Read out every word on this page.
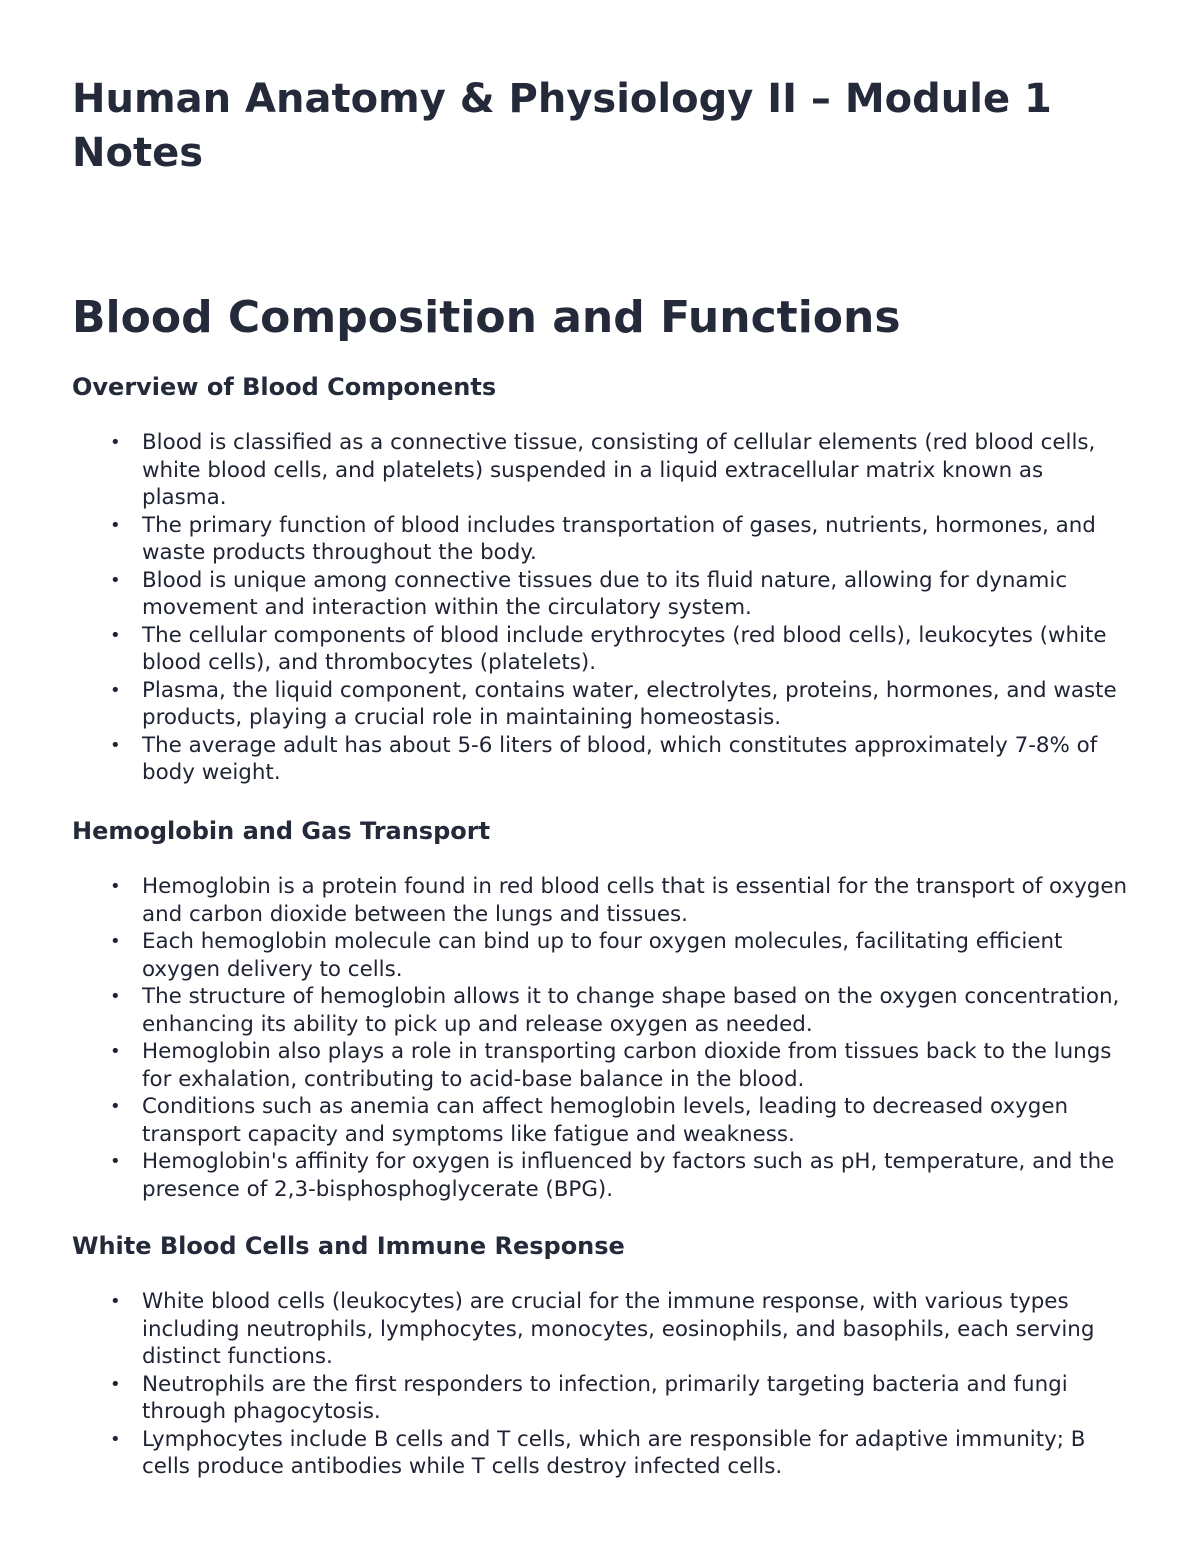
Human Anatomy & Physiology II – Module 1 Notes
Blood Composition and Functions
Overview of Blood Components
• Blood is classified as a connective tissue, consisting of cellular elements (red blood cells, white blood cells, and platelets) suspended in a liquid extracellular matrix known as plasma.
• The primary function of blood includes transportation of gases, nutrients, hormones, and waste products throughout the body.
• Blood is unique among connective tissues due to its fluid nature, allowing for dynamic movement and interaction within the circulatory system.
• The cellular components of blood include erythrocytes (red blood cells), leukocytes (white blood cells), and thrombocytes (platelets).
• Plasma, the liquid component, contains water, electrolytes, proteins, hormones, and waste products, playing a crucial role in maintaining homeostasis.
• The average adult has about 5-6 liters of blood, which constitutes approximately 7-8% of body weight.
Hemoglobin and Gas Transport
• Hemoglobin is a protein found in red blood cells that is essential for the transport of oxygen and carbon dioxide between the lungs and tissues.
• Each hemoglobin molecule can bind up to four oxygen molecules, facilitating efficient oxygen delivery to cells.
• The structure of hemoglobin allows it to change shape based on the oxygen concentration, enhancing its ability to pick up and release oxygen as needed.
• Hemoglobin also plays a role in transporting carbon dioxide from tissues back to the lungs for exhalation, contributing to acid-base balance in the blood.
• Conditions such as anemia can affect hemoglobin levels, leading to decreased oxygen transport capacity and symptoms like fatigue and weakness.
• Hemoglobin's affinity for oxygen is influenced by factors such as pH, temperature, and the presence of 2,3-bisphosphoglycerate (BPG).
White Blood Cells and Immune Response
• White blood cells (leukocytes) are crucial for the immune response, with various types including neutrophils, lymphocytes, monocytes, eosinophils, and basophils, each serving distinct functions.
• Neutrophils are the first responders to infection, primarily targeting bacteria and fungi through phagocytosis.
• Lymphocytes include B cells and T cells, which are responsible for adaptive immunity; B cells produce antibodies while T cells destroy infected cells.
